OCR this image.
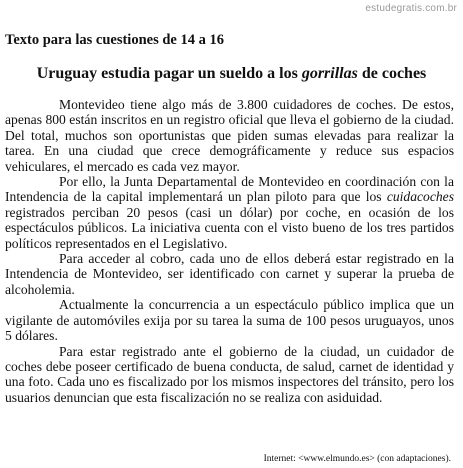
estudegratis.com.br
Texto para las cuestiones de 14 a 16
Uruguay estudia pagar un sueldo a los gorrillas de coches

Montevideo tiene algo más de 3.800 cuidadores de coches. De estos, apenas 800 están inscritos en un registro oficial que lleva el gobierno de la ciudad. Del total, muchos son oportunistas que piden sumas elevadas para realizar la tarea. En una ciudad que crece demográficamente y reduce sus espacios vehiculares, el mercado es cada vez mayor.

Por ello, la Junta Departamental de Montevideo en coordinación con la Intendencia de la capital implementará un plan piloto para que los cuidacoches registrados perciban 20 pesos (casi un dólar) por coche, en ocasión de los espectáculos públicos. La iniciativa cuenta con el visto bueno de los tres partidos políticos representados en el Legislativo.

Para acceder al cobro, cada uno de ellos deberá estar registrado en la Intendencia de Montevideo, ser identificado con carnet y superar la prueba de alcoholemia.

Actualmente la concurrencia a un espectáculo público implica que un vigilante de automóviles exija por su tarea la suma de 100 pesos uruguayos, unos 5 dólares.

Para estar registrado ante el gobierno de la ciudad, un cuidador de coches debe poseer certificado de buena conducta, de salud, carnet de identidad y una foto. Cada uno es fiscalizado por los mismos inspectores del tránsito, pero los usuarios denuncian que esta fiscalización no se realiza con asiduidad.

Internet: <www.elmundo.es> (con adaptaciones).
